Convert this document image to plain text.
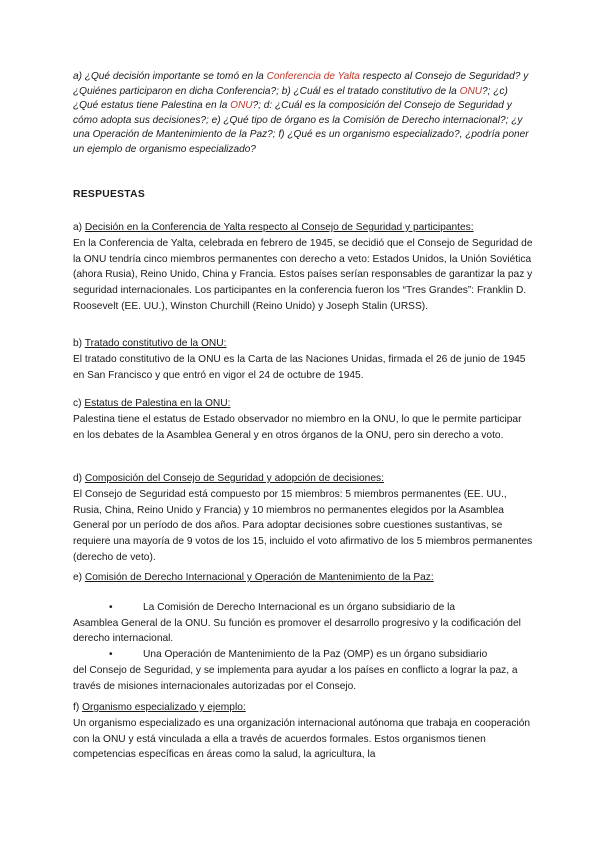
a) ¿Qué decisión importante se tomó en la Conferencia de Yalta respecto al Consejo de Seguridad? y ¿Quiénes participaron en dicha Conferencia?; b) ¿Cuál es el tratado constitutivo de la ONU?; ¿c) ¿Qué estatus tiene Palestina en la ONU?; d: ¿Cuál es la composición del Consejo de Seguridad y cómo adopta sus decisiones?; e) ¿Qué tipo de órgano es la Comisión de Derecho internacional?; ¿y una Operación de Mantenimiento de la Paz?; f) ¿Qué es un organismo especializado?, ¿podría poner un ejemplo de organismo especializado?
RESPUESTAS
a) Decisión en la Conferencia de Yalta respecto al Consejo de Seguridad y participantes:
En la Conferencia de Yalta, celebrada en febrero de 1945, se decidió que el Consejo de Seguridad de la ONU tendría cinco miembros permanentes con derecho a veto: Estados Unidos, la Unión Soviética (ahora Rusia), Reino Unido, China y Francia. Estos países serían responsables de garantizar la paz y seguridad internacionales. Los participantes en la conferencia fueron los “Tres Grandes”: Franklin D. Roosevelt (EE. UU.), Winston Churchill (Reino Unido) y Joseph Stalin (URSS).
b) Tratado constitutivo de la ONU:
El tratado constitutivo de la ONU es la Carta de las Naciones Unidas, firmada el 26 de junio de 1945 en San Francisco y que entró en vigor el 24 de octubre de 1945.
c) Estatus de Palestina en la ONU:
Palestina tiene el estatus de Estado observador no miembro en la ONU, lo que le permite participar en los debates de la Asamblea General y en otros órganos de la ONU, pero sin derecho a voto.
d) Composición del Consejo de Seguridad y adopción de decisiones:
El Consejo de Seguridad está compuesto por 15 miembros: 5 miembros permanentes (EE. UU., Rusia, China, Reino Unido y Francia) y 10 miembros no permanentes elegidos por la Asamblea General por un período de dos años. Para adoptar decisiones sobre cuestiones sustantivas, se requiere una mayoría de 9 votos de los 15, incluido el voto afirmativo de los 5 miembros permanentes (derecho de veto).
e) Comisión de Derecho Internacional y Operación de Mantenimiento de la Paz:
•	La Comisión de Derecho Internacional es un órgano subsidiario de la
Asamblea General de la ONU. Su función es promover el desarrollo progresivo y la codificación del derecho internacional.
•	Una Operación de Mantenimiento de la Paz (OMP) es un órgano subsidiario
del Consejo de Seguridad, y se implementa para ayudar a los países en conflicto a lograr la paz, a través de misiones internacionales autorizadas por el Consejo.
f) Organismo especializado y ejemplo:
Un organismo especializado es una organización internacional autónoma que trabaja en cooperación con la ONU y está vinculada a ella a través de acuerdos formales. Estos organismos tienen competencias específicas en áreas como la salud, la agricultura, la
